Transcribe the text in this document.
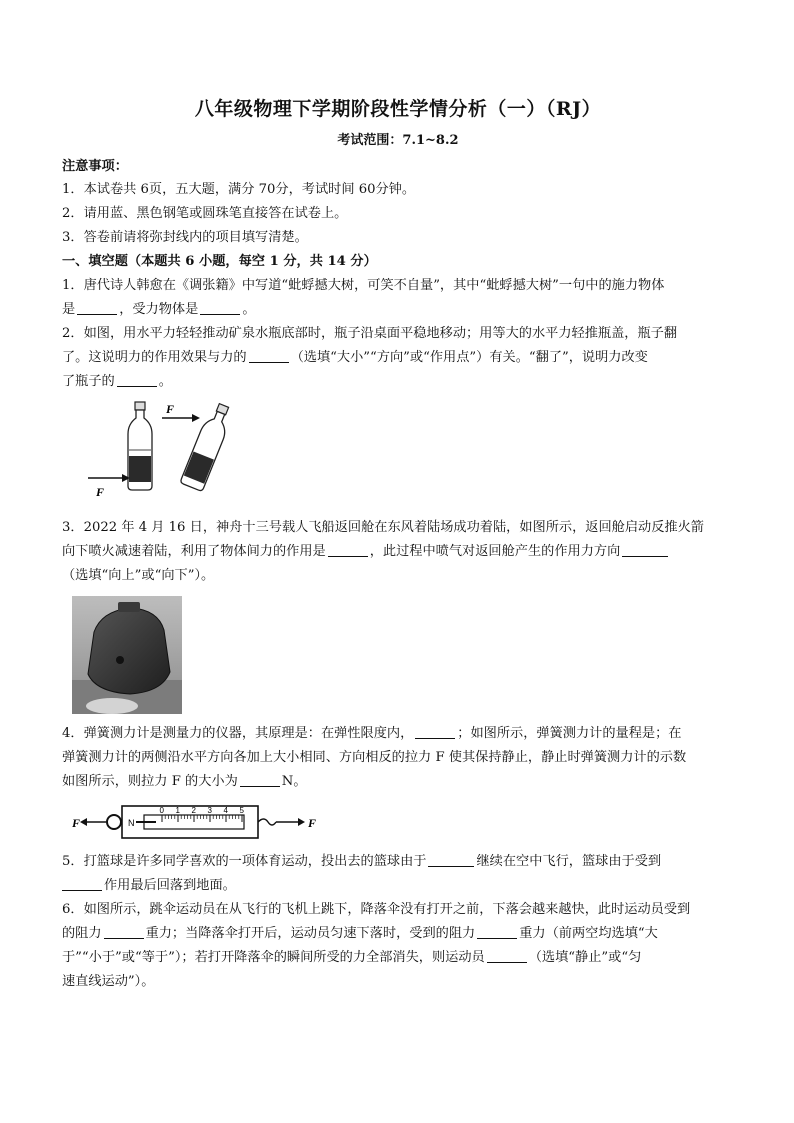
八年级物理下学期阶段性学情分析（一）（RJ）
考试范围：7.1~8.2
注意事项：
1．本试卷共 6页，五大题，满分 70分，考试时间 60分钟。
2．请用蓝、黑色钢笔或圆珠笔直接答在试卷上。
3．答卷前请将弥封线内的项目填写清楚。
一、填空题（本题共 6 小题，每空 1 分，共 14 分）
1．唐代诗人韩愈在《调张籍》中写道“蚍蜉撼大树，可笑不自量”，其中“蚍蜉撼大树”一句中的施力物体
是	，受力物体是	。
2．如图，用水平力轻轻推动矿泉水瓶底部时，瓶子沿桌面平稳地移动；用等大的水平力轻推瓶盖，瓶子翻
了。这说明力的作用效果与力的	（选填“大小”“方向”或“作用点”）有关。“翻了”，说明力改变
了瓶子的	。
F
F
3．2022 年 4 月 16 日，神舟十三号载人飞船返回舱在东风着陆场成功着陆，如图所示，返回舱启动反推火箭
向下喷火减速着陆，利用了物体间力的作用是	，此过程中喷气对返回舱产生的作用力方向
（选填“向上”或“向下”）。
4．弹簧测力计是测量力的仪器，其原理是：在弹性限度内，	；如图所示，弹簧测力计的量程是；在
弹簧测力计的两侧沿水平方向各加上大小相同、方向相反的拉力 F 使其保持静止，静止时弹簧测力计的示数
如图所示，则拉力 F 的大小为	N。
F
0 1 2 3 4 5
N	F
5．打篮球是许多同学喜欢的一项体育运动，投出去的篮球由于	继续在空中飞行，篮球由于受到
作用最后回落到地面。
6．如图所示，跳伞运动员在从飞行的飞机上跳下，降落伞没有打开之前，下落会越来越快，此时运动员受到
的阻力	重力；当降落伞打开后，运动员匀速下落时，受到的阻力	重力（前两空均选填“大
于”“小于”或“等于”）；若打开降落伞的瞬间所受的力全部消失，则运动员	（选填“静止”或“匀
速直线运动”）。
